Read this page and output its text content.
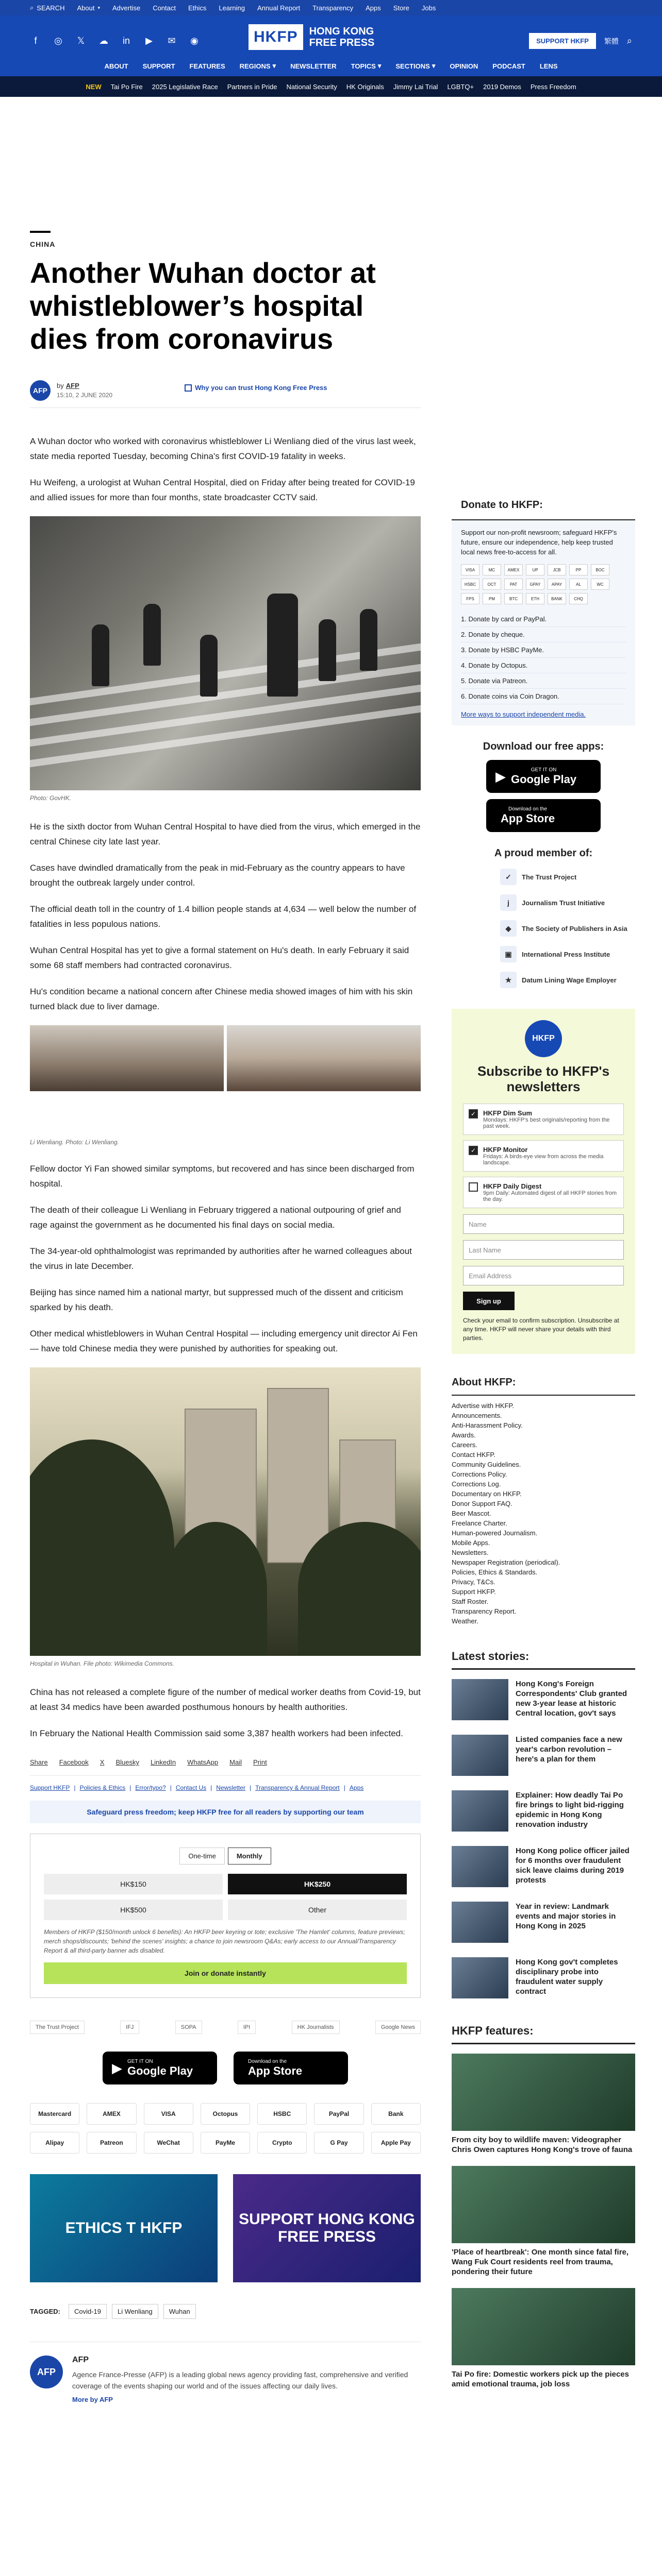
⌕ SEARCH About ▾ Advertise Contact Ethics Learning Annual Report Transparency Apps Store Jobs
f	◎ 𝕏 ☁ in ▶ ✉ ◉	HKFP	HONG KONG
FREE PRESS	SUPPORT HKFP	繁體 ⌕
ABOUT SUPPORT FEATURES REGIONS ▾ NEWSLETTER TOPICS ▾ SECTIONS ▾ OPINION PODCAST LENS
NEW Tai Po Fire 2025 Legislative Race Partners in Pride National Security HK Originals Jimmy Lai Trial LGBTQ+ 2019 Demos Press Freedom
CHINA
Another Wuhan doctor at whistleblower’s hospital dies from coronavirus
AFP
by AFP
15:10, 2 JUNE 2020
Why you can trust Hong Kong Free Press

A Wuhan doctor who worked with coronavirus whistleblower Li Wenliang died of the virus last week, state media reported Tuesday, becoming China's first COVID-19 fatality in weeks.

Hu Weifeng, a urologist at Wuhan Central Hospital, died on Friday after being treated for COVID-19 and allied issues for more than four months, state broadcaster CCTV said.

Photo: GovHK.

He is the sixth doctor from Wuhan Central Hospital to have died from the virus, which emerged in the central Chinese city late last year.

Cases have dwindled dramatically from the peak in mid-February as the country appears to have brought the outbreak largely under control.

The official death toll in the country of 1.4 billion people stands at 4,634 — well below the number of fatalities in less populous nations.

Wuhan Central Hospital has yet to give a formal statement on Hu's death. In early February it said some 68 staff members had contracted coronavirus.

Hu's condition became a national concern after Chinese media showed images of him with his skin turned black due to liver damage.

Li Wenliang. Photo: Li Wenliang.

Fellow doctor Yi Fan showed similar symptoms, but recovered and has since been discharged from hospital.

The death of their colleague Li Wenliang in February triggered a national outpouring of grief and rage against the government as he documented his final days on social media.

The 34-year-old ophthalmologist was reprimanded by authorities after he warned colleagues about the virus in late December.

Beijing has since named him a national martyr, but suppressed much of the dissent and criticism sparked by his death.

Other medical whistleblowers in Wuhan Central Hospital — including emergency unit director Ai Fen — have told Chinese media they were punished by authorities for speaking out.

Hospital in Wuhan. File photo: Wikimedia Commons.

China has not released a complete figure of the number of medical worker deaths from Covid-19, but at least 34 medics have been awarded posthumous honours by health authorities.

In February the National Health Commission said some 3,387 health workers had been infected.

Share Facebook X Bluesky LinkedIn WhatsApp Mail Print
Support HKFP | Policies & Ethics | Error/typo? | Contact Us | Newsletter | Transparency & Annual Report | Apps
Safeguard press freedom; keep HKFP free for all readers by supporting our team
One-time	Monthly
HK$150	HK$250
HK$500	Other
Members of HKFP ($150/month unlock 6 benefits): An HKFP beer keyring or tote; exclusive 'The Hamlet' columns, feature previews; merch shops/discounts; 'behind the scenes' insights; a chance to join newsroom Q&As; early access to our Annual/Transparency Report & all third-party banner ads disabled.
Join or donate instantly
The Trust Project	IFJ	SOPA	IPI	HK Journalists	Google News
▶ GET IT ON
Google Play
Download on the
App Store
Mastercard	AMEX	VISA	Octopus	HSBC	PayPal	Bank
Alipay	Patreon	WeChat	PayMe	Crypto	G Pay	Apple Pay
ETHICS T HKFP
SUPPORT HONG KONG FREE PRESS
TAGGED:	Covid-19	Li Wenliang	Wuhan
AFP
AFP
Agence France-Presse (AFP) is a leading global news agency providing fast, comprehensive and verified coverage of the events shaping our world and of the issues affecting our daily lives.
More by AFP
Donate to HKFP:
Support our non-profit newsroom; safeguard HKFP's future, ensure our independence, help keep trusted local news free-to-access for all.
VISA	MC	AMEX	UP	JCB	PP	BOC
HSBC	OCT	PAT	GPAY	APAY	AL	WC
FPS	PM	BTC	ETH	BANK	CHQ
1. Donate by card or PayPal.
2. Donate by cheque.
3. Donate by HSBC PayMe.
4. Donate by Octopus.
5. Donate via Patreon.
6. Donate coins via Coin Dragon.
More ways to support independent media.
Download our free apps:
▶	GET IT ON
Google Play
Download on the
App Store
A proud member of:
✓	The Trust Project
j	Journalism Trust Initiative
◆	The Society of Publishers in Asia
▣	International Press Institute
★	Datum Lining Wage Employer
HKFP
Subscribe to HKFP's newsletters
✓	HKFP Dim Sum
Mondays: HKFP's best originals/reporting from the past week.
✓	HKFP Monitor
Fridays: A birds-eye view from across the media landscape.
HKFP Daily Digest
9pm Daily: Automated digest of all HKFP stories from the day.
Name
Last Name
Email Address
Sign up
Check your email to confirm subscription. Unsubscribe at any time. HKFP will never share your details with third parties.
About HKFP:
Advertise with HKFP.
Announcements.
Anti-Harassment Policy.
Awards.
Careers.
Contact HKFP.
Community Guidelines.
Corrections Policy.
Corrections Log.
Documentary on HKFP.
Donor Support FAQ.
Beer Mascot.
Freelance Charter.
Human-powered Journalism.
Mobile Apps.
Newsletters.
Newspaper Registration (periodical).
Policies, Ethics & Standards.
Privacy, T&Cs.
Support HKFP.
Staff Roster.
Transparency Report.
Weather.
Latest stories:
Hong Kong's Foreign Correspondents' Club granted new 3-year lease at historic Central location, gov't says
Listed companies face a new year's carbon revolution – here's a plan for them
Explainer: How deadly Tai Po fire brings to light bid-rigging epidemic in Hong Kong renovation industry
Hong Kong police officer jailed for 6 months over fraudulent sick leave claims during 2019 protests
Year in review: Landmark events and major stories in Hong Kong in 2025
Hong Kong gov't completes disciplinary probe into fraudulent water supply contract
HKFP features:
From city boy to wildlife maven: Videographer Chris Owen captures Hong Kong's trove of fauna
'Place of heartbreak': One month since fatal fire, Wang Fuk Court residents reel from trauma, pondering their future
Tai Po fire: Domestic workers pick up the pieces amid emotional trauma, job loss
